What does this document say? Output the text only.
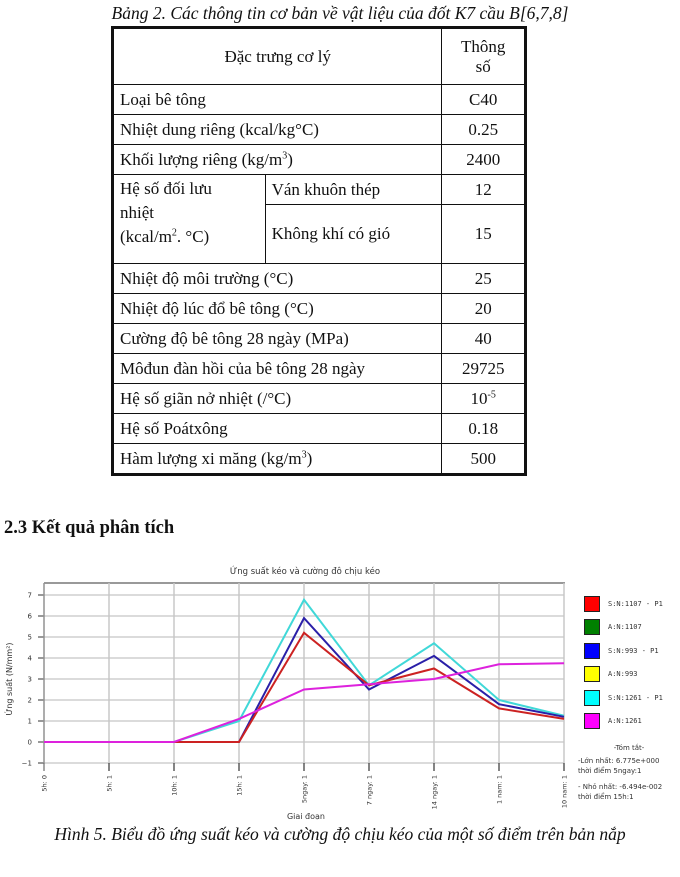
Bảng 2. Các thông tin cơ bản về vật liệu của đốt K7 cầu B[6,7,8]
Đặc trưng cơ lý		Thông
số
Loại bê tông		C40
Nhiệt dung riêng (kcal/kg°C)		0.25
Khối lượng riêng $(kg/m^3)$		2400
Hệ số đối lưu
nhiệt
($kcal/m^2$. °C)	Ván khuôn thép	12
	Không khí có gió	15
Nhiệt độ môi trường (°C)		25
Nhiệt độ lúc đổ bê tông (°C)		20
Cường độ bê tông 28 ngày (MPa)		40
Môđun đàn hồi của bê tông 28 ngày		29725
Hệ số giãn nở nhiệt (/°C)		$10^{-5}$
Hệ số Poátxông		0.18
Hàm lượng xi măng $(kg/m^3)$		500
2.3 Kết quả phân tích
Ứng suất kéo và cường đô chịu kéo
−1
0
1
2
3
4
5
6
7
5h: 0	5h: 1	10h: 1	15h: 1	5ngay: 1	7 ngay: 1	14 ngay: 1	1 nam: 1	10 nam: 1
Ứng suất (N/mm²)
Giai đoạn
S:N:1107 - P1
A:N:1107
S:N:993 - P1
A:N:993
S:N:1261 - P1
A:N:1261
-Tóm tắt-
-Lớn nhất: 6.775e+000
thời điểm 5ngay:1
- Nhỏ nhất: -6.494e-002
thời điểm 15h:1
Hình 5. Biểu đồ ứng suất kéo và cường độ chịu kéo của một số điểm trên bản nắp
